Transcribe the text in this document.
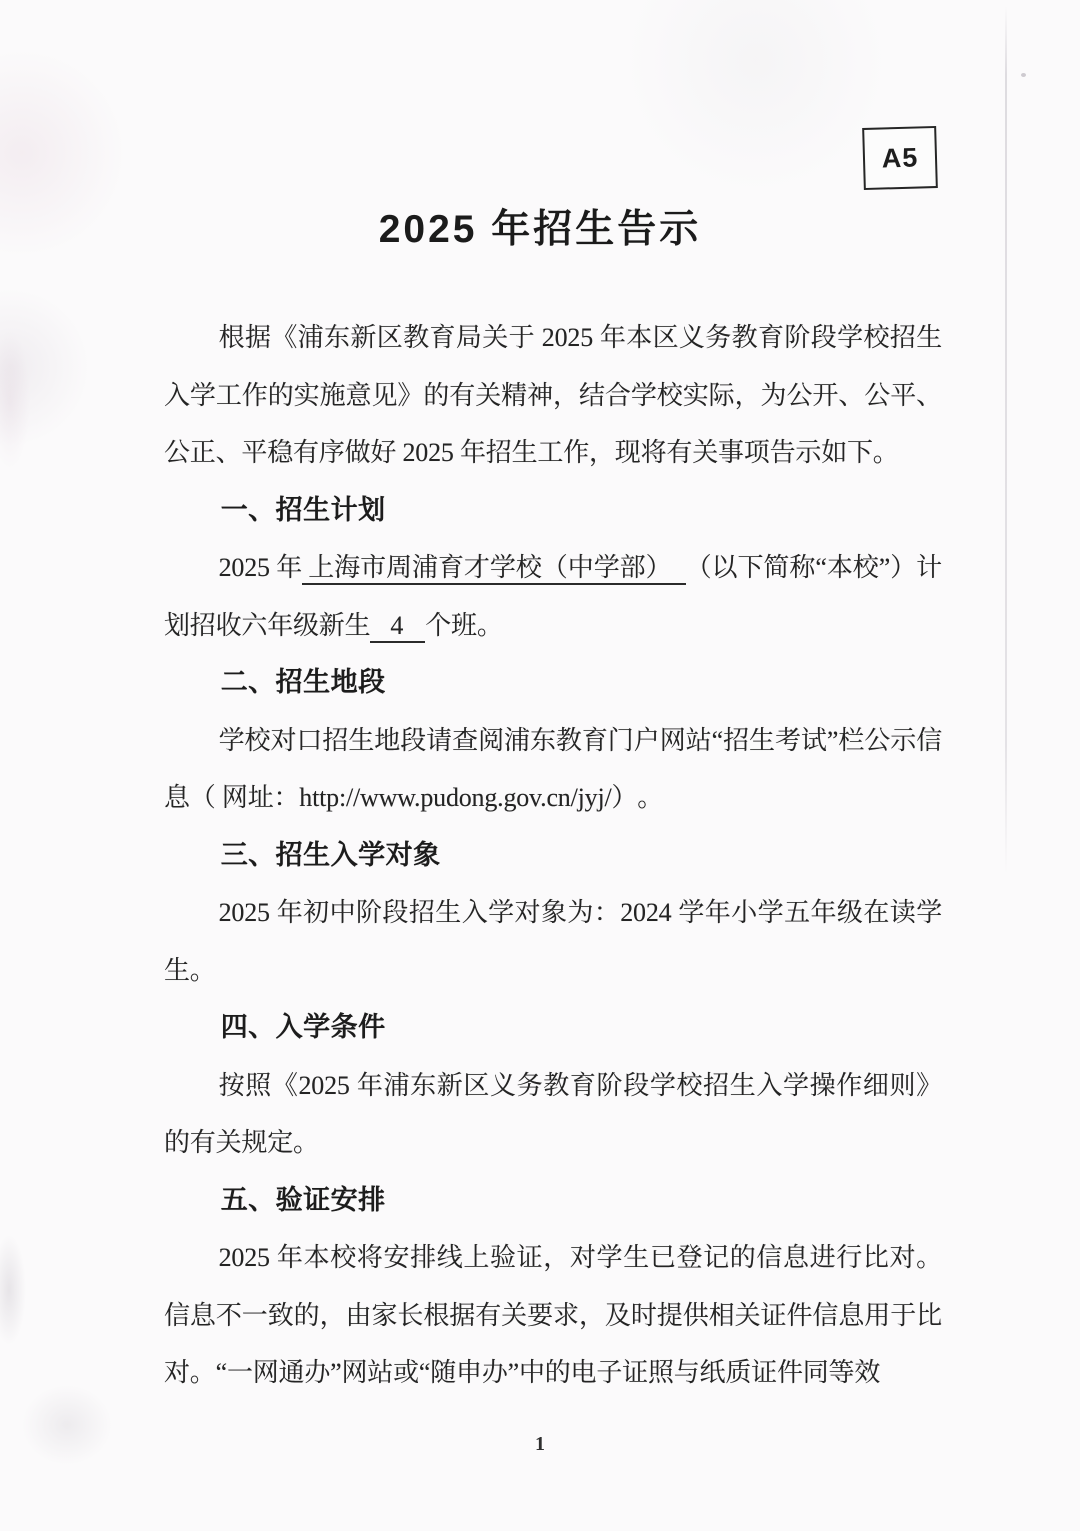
A5
2025 年招生告示

根据《浦东新区教育局关于 2025 年本区义务教育阶段学校招生入学工作的实施意见》的有关精神，结合学校实际，为公开、公平、公正、平稳有序做好 2025 年招生工作，现将有关事项告示如下。

一、招生计划

2025 年 上海市周浦育才学校（中学部） （以下简称“本校”）计划招收六年级新生 4 个班。

二、招生地段

学校对口招生地段请查阅浦东教育门户网站“招生考试”栏公示信息（ 网址：http://www.pudong.gov.cn/jyj/）。

三、招生入学对象

2025 年初中阶段招生入学对象为：2024 学年小学五年级在读学生。

四、入学条件

按照《2025 年浦东新区义务教育阶段学校招生入学操作细则》的有关规定。

五、验证安排

2025 年本校将安排线上验证，对学生已登记的信息进行比对。信息不一致的，由家长根据有关要求，及时提供相关证件信息用于比对。“一网通办”网站或“随申办”中的电子证照与纸质证件同等效

1
